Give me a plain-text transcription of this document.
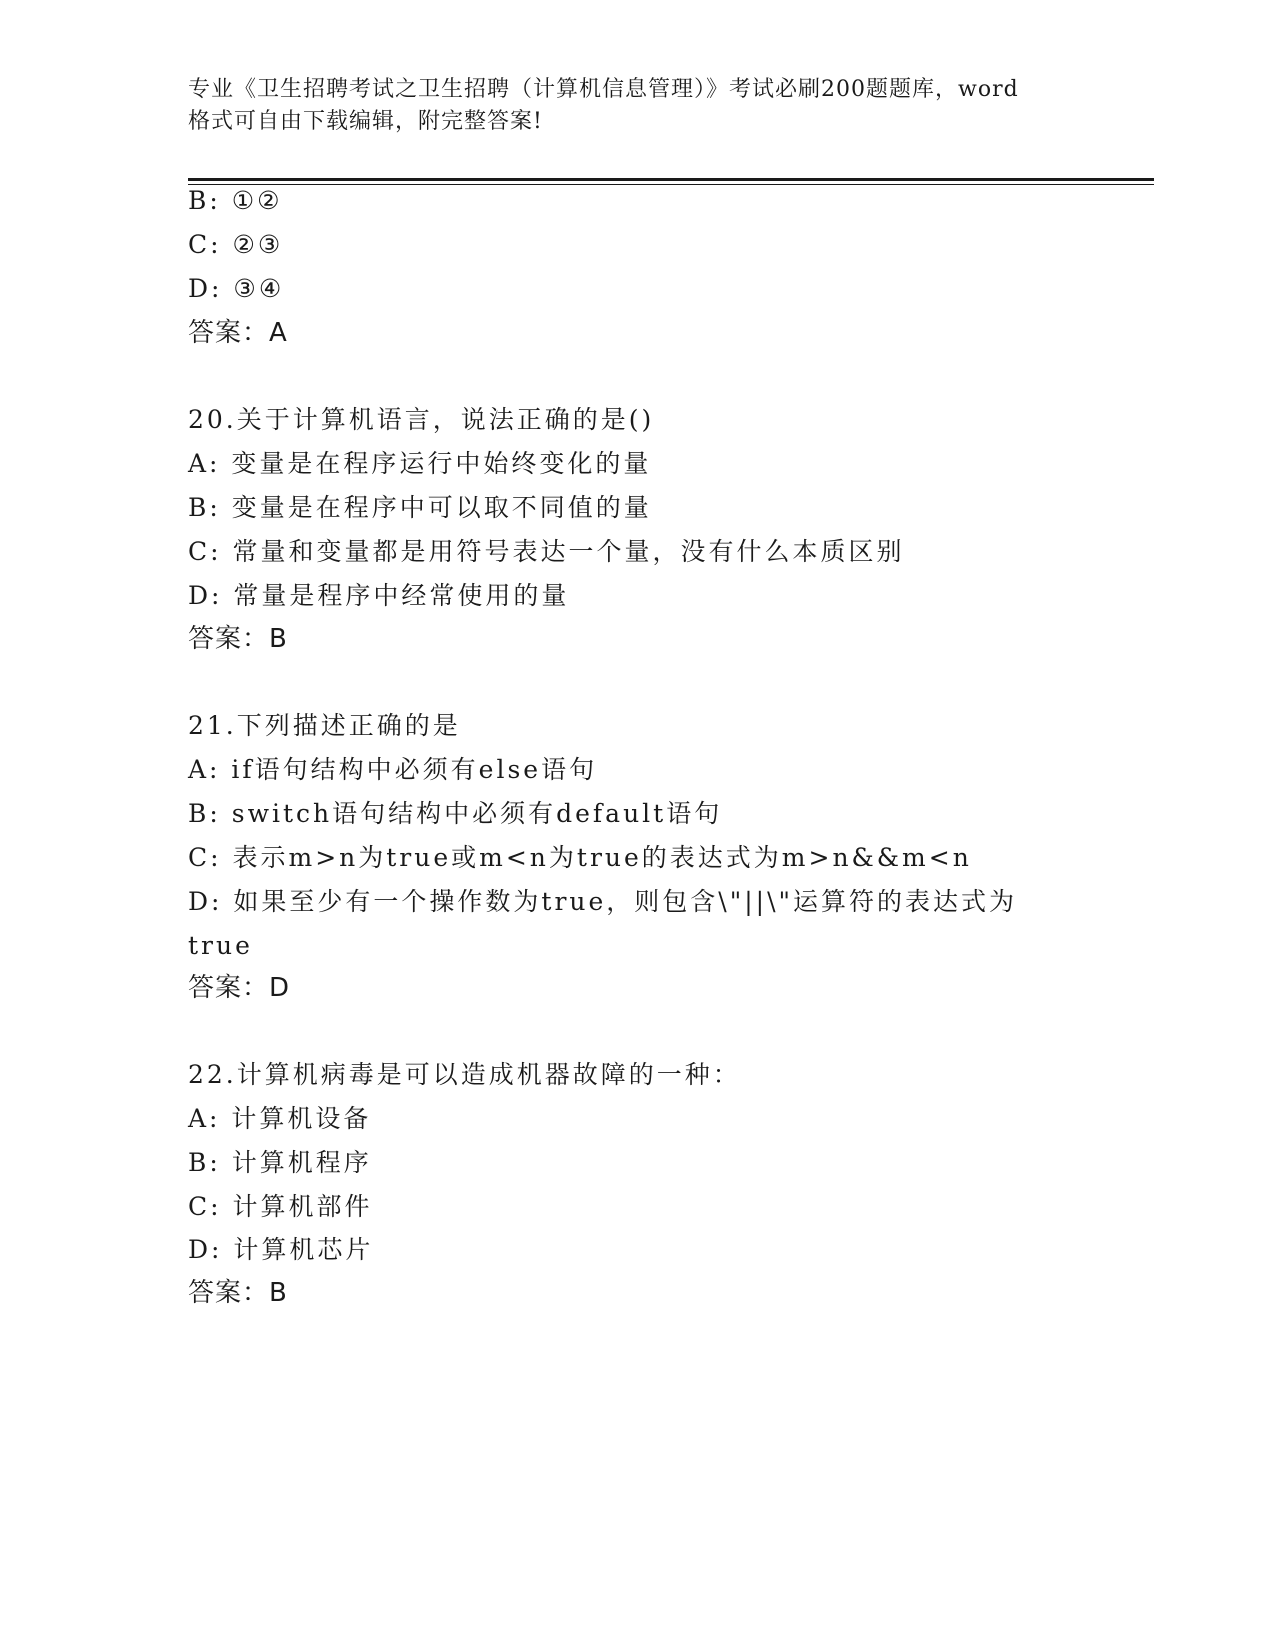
专业《卫生招聘考试之卫生招聘（计算机信息管理）》考试必刷200题题库，word
格式可自由下载编辑，附完整答案!
B: ①②
C: ②③
D: ③④
答案：A
20.关于计算机语言，说法正确的是()
A: 变量是在程序运行中始终变化的量
B: 变量是在程序中可以取不同值的量
C: 常量和变量都是用符号表达一个量，没有什么本质区别
D: 常量是程序中经常使用的量
答案：B
21.下列描述正确的是
A: if语句结构中必须有else语句
B: switch语句结构中必须有default语句
C: 表示m>n为true或m<n为true的表达式为m>n&&m<n
D: 如果至少有一个操作数为true，则包含\"||\"运算符的表达式为
true
答案：D
22.计算机病毒是可以造成机器故障的一种：
A: 计算机设备
B: 计算机程序
C: 计算机部件
D: 计算机芯片
答案：B
